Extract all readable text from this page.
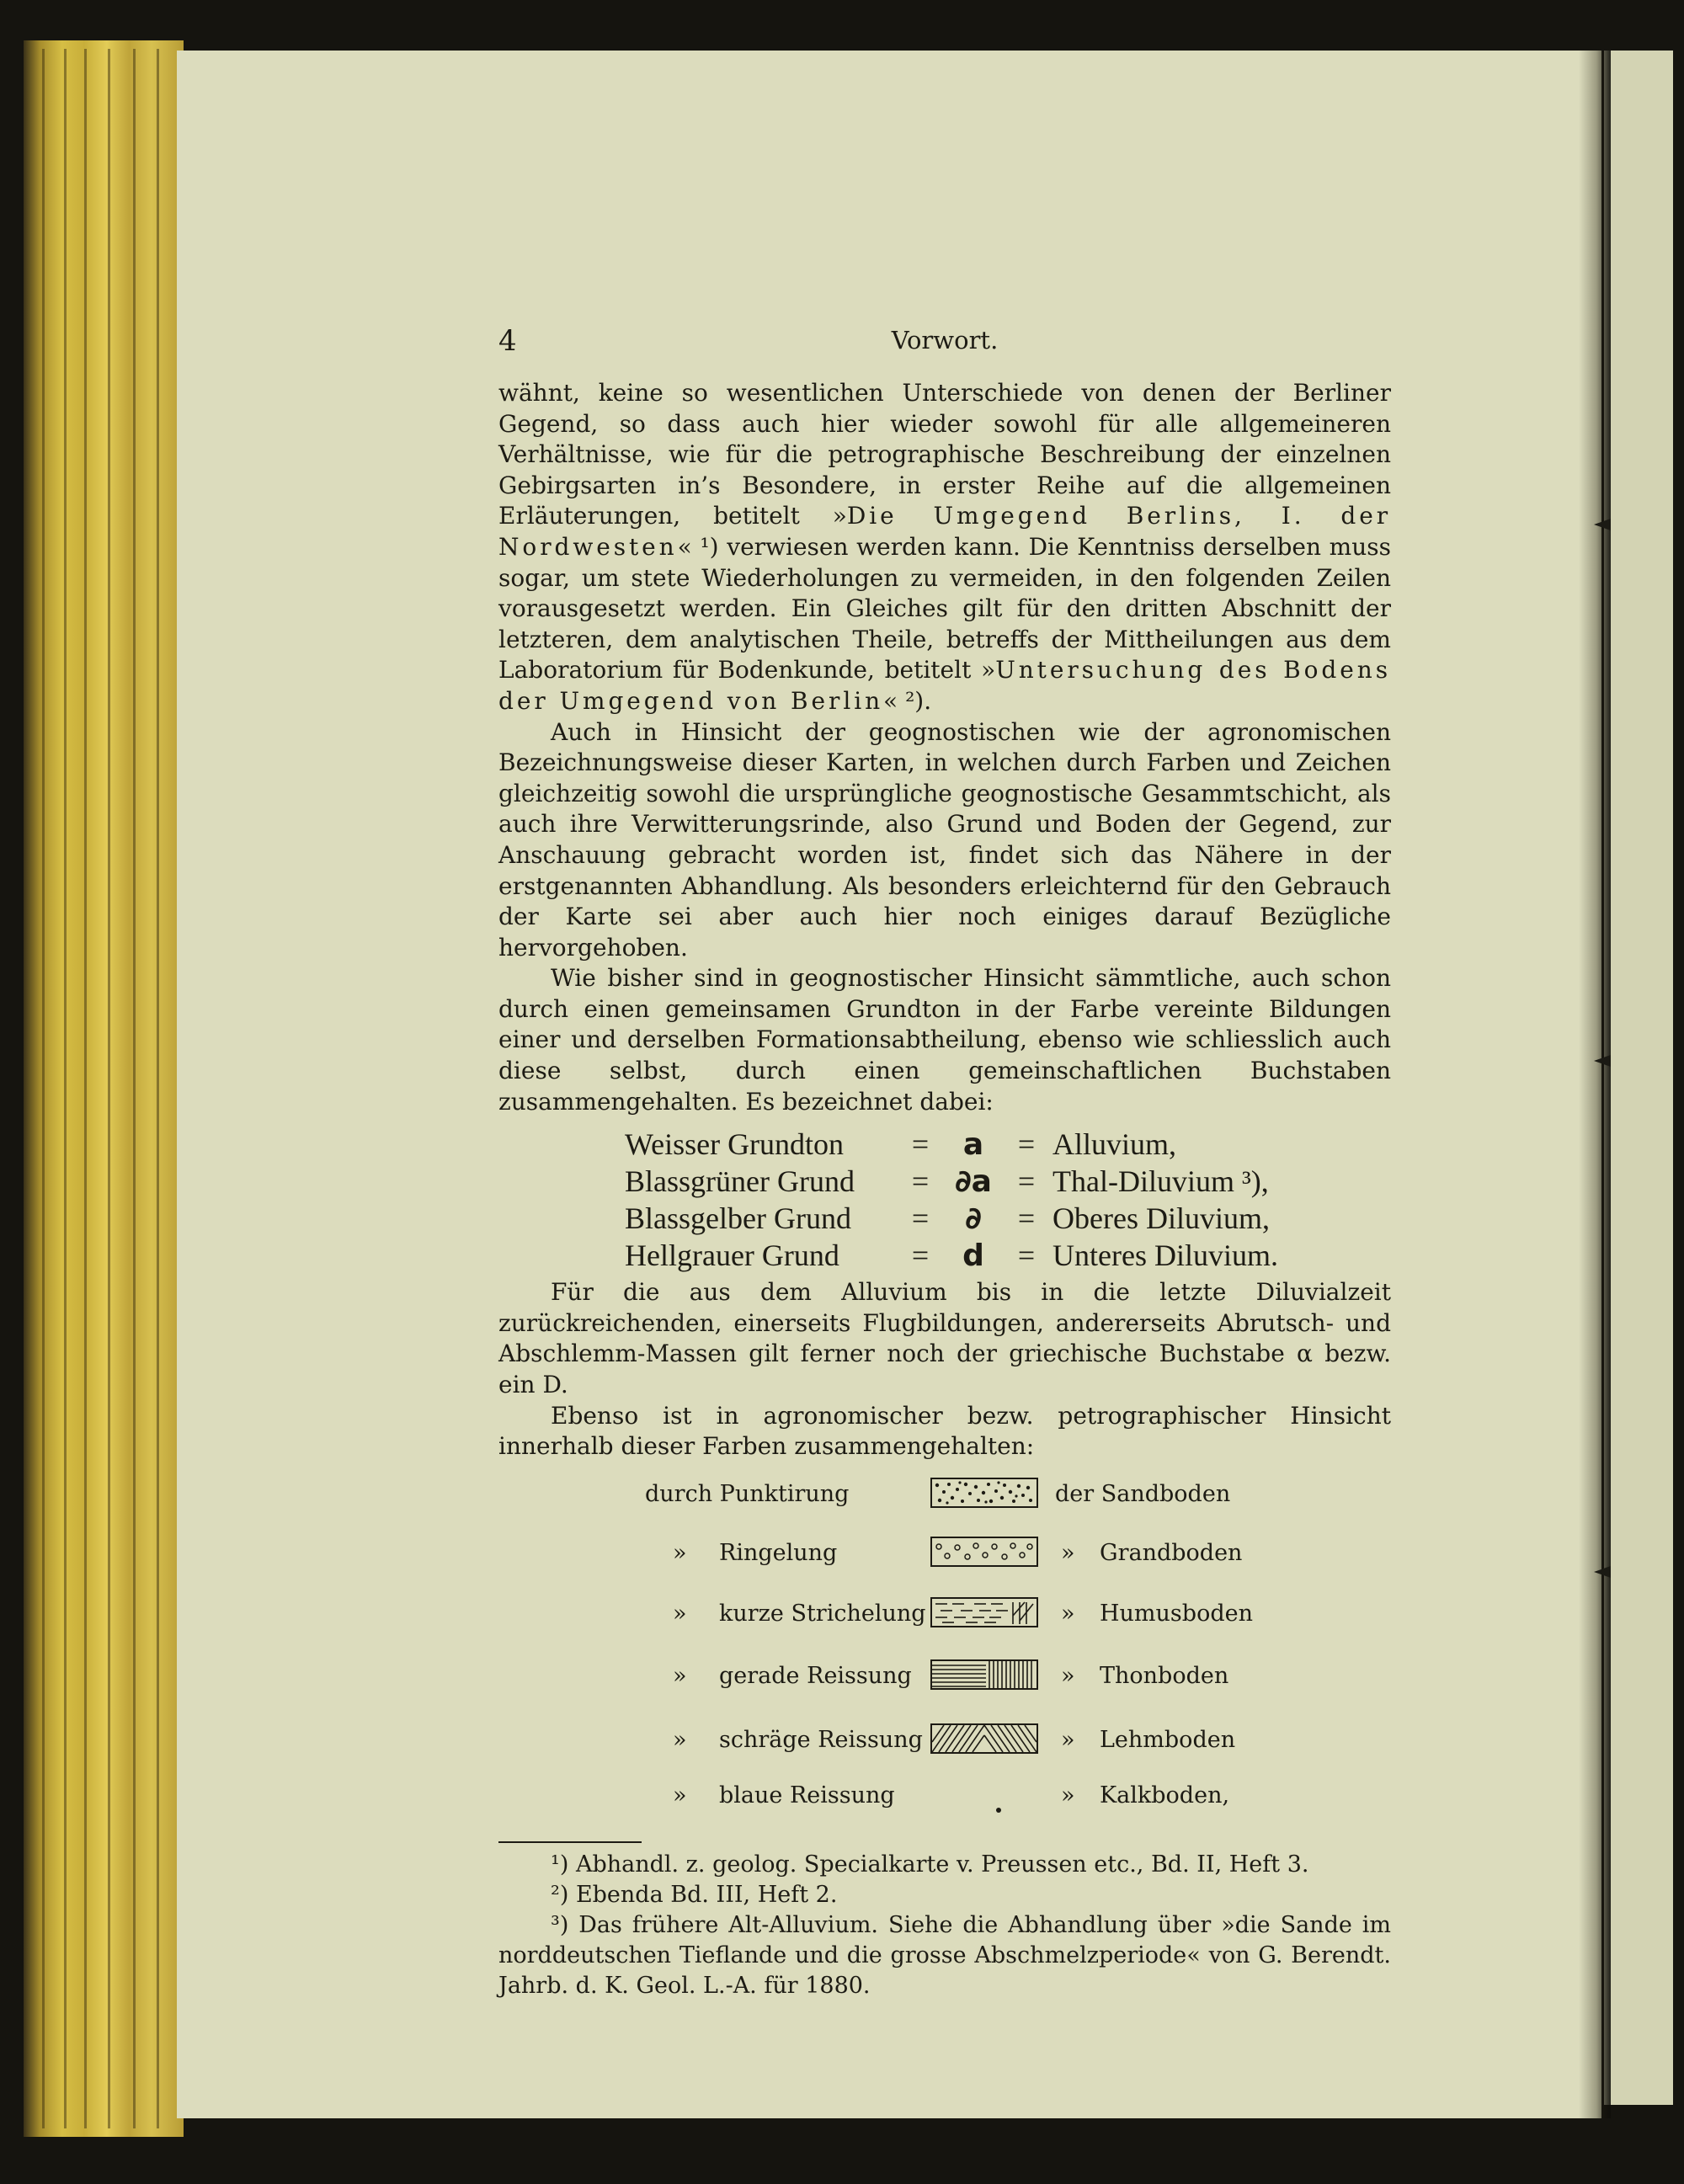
4	Vorwort.

wähnt, keine so wesentlichen Unterschiede von denen der Berliner Gegend, so dass auch hier wieder sowohl für alle allgemeineren Verhältnisse, wie für die petrographische Beschreibung der einzelnen Gebirgsarten in’s Besondere, in erster Reihe auf die allgemeinen Erläuterungen, betitelt »Die Umgegend Berlins, I. der Nordwesten« ¹) verwiesen werden kann. Die Kenntniss derselben muss sogar, um stete Wiederholungen zu vermeiden, in den folgenden Zeilen vorausgesetzt werden. Ein Gleiches gilt für den dritten Abschnitt der letzteren, dem analytischen Theile, betreffs der Mittheilungen aus dem Laboratorium für Bodenkunde, betitelt »Untersuchung des Bodens der Umgegend von Berlin« ²).

Auch in Hinsicht der geognostischen wie der agronomischen Bezeichnungsweise dieser Karten, in welchen durch Farben und Zeichen gleichzeitig sowohl die ursprüngliche geognostische Gesammtschicht, als auch ihre Verwitterungsrinde, also Grund und Boden der Gegend, zur Anschauung gebracht worden ist, findet sich das Nähere in der erstgenannten Abhandlung. Als besonders erleichternd für den Gebrauch der Karte sei aber auch hier noch einiges darauf Bezügliche hervorgehoben.

Wie bisher sind in geognostischer Hinsicht sämmtliche, auch schon durch einen gemeinsamen Grundton in der Farbe vereinte Bildungen einer und derselben Formationsabtheilung, ebenso wie schliesslich auch diese selbst, durch einen gemeinschaftlichen Buchstaben zusammengehalten. Es bezeichnet dabei:

Weisser Grundton	=	a	= Alluvium,
Blassgrüner Grund	= ∂a = Thal-Diluvium ³),
Blassgelber Grund	=	∂	= Oberes Diluvium,
Hellgrauer Grund	=	d	= Unteres Diluvium.

Für die aus dem Alluvium bis in die letzte Diluvialzeit zurückreichenden, einerseits Flugbildungen, andererseits Abrutsch- und Abschlemm-Massen gilt ferner noch der griechische Buchstabe α bezw. ein D.

Ebenso ist in agronomischer bezw. petrographischer Hinsicht innerhalb dieser Farben zusammengehalten:

durch Punktirung	der Sandboden
» Ringelung	» Grandboden
» kurze Strichelung	» Humusboden
» gerade Reissung	» Thonboden
» schräge Reissung	» Lehmboden
» blaue Reissung	» Kalkboden,

¹) Abhandl. z. geolog. Specialkarte v. Preussen etc., Bd. II, Heft 3.

²) Ebenda Bd. III, Heft 2.

³) Das frühere Alt-Alluvium. Siehe die Abhandlung über »die Sande im norddeutschen Tieflande und die grosse Abschmelzperiode« von G. Berendt. Jahrb. d. K. Geol. L.-A. für 1880.
